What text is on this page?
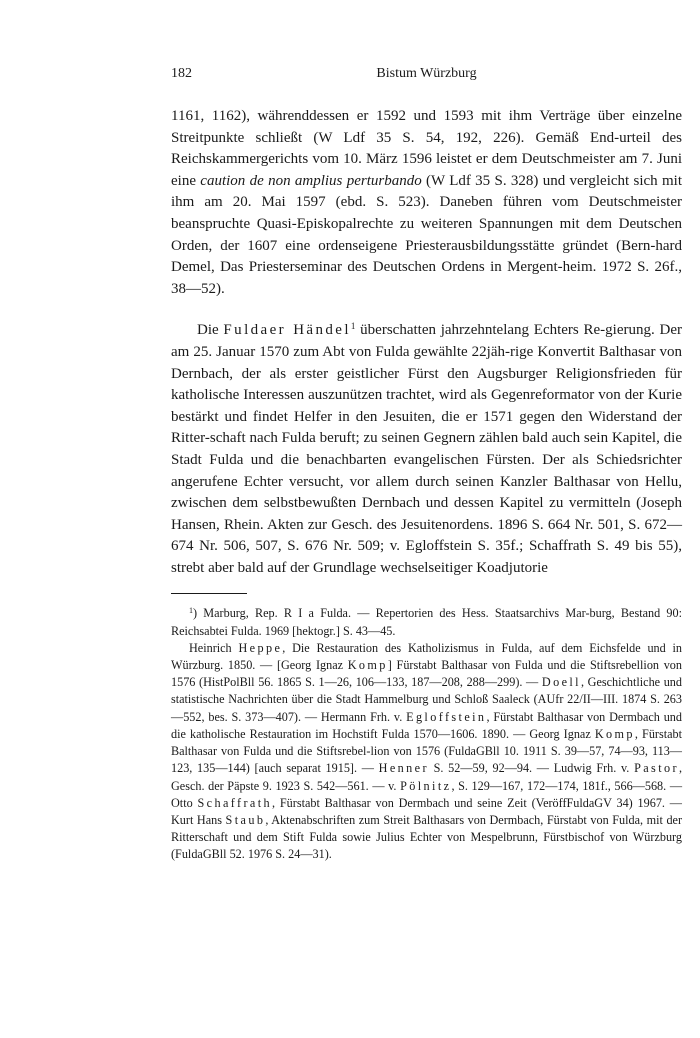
182	Bistum Würzburg

1161, 1162), währenddessen er 1592 und 1593 mit ihm Verträge über einzelne Streitpunkte schließt (W Ldf 35 S. 54, 192, 226). Gemäß End-urteil des Reichskammergerichts vom 10. März 1596 leistet er dem Deutschmeister am 7. Juni eine caution de non amplius perturbando (W Ldf 35 S. 328) und vergleicht sich mit ihm am 20. Mai 1597 (ebd. S. 523). Daneben führen vom Deutschmeister beanspruchte Quasi-Episkopalrechte zu weiteren Spannungen mit dem Deutschen Orden, der 1607 eine ordenseigene Priesterausbildungsstätte gründet (Bern-hard Demel, Das Priesterseminar des Deutschen Ordens in Mergent-heim. 1972 S. 26f., 38—52).

Die Fuldaer Händel$^1$ überschatten jahrzehntelang Echters Re-gierung. Der am 25. Januar 1570 zum Abt von Fulda gewählte 22jäh-rige Konvertit Balthasar von Dernbach, der als erster geistlicher Fürst den Augsburger Religionsfrieden für katholische Interessen auszunützen trachtet, wird als Gegenreformator von der Kurie bestärkt und findet Helfer in den Jesuiten, die er 1571 gegen den Widerstand der Ritter-schaft nach Fulda beruft; zu seinen Gegnern zählen bald auch sein Kapitel, die Stadt Fulda und die benachbarten evangelischen Fürsten. Der als Schiedsrichter angerufene Echter versucht, vor allem durch seinen Kanzler Balthasar von Hellu, zwischen dem selbstbewußten Dernbach und dessen Kapitel zu vermitteln (Joseph Hansen, Rhein. Akten zur Gesch. des Jesuitenordens. 1896 S. 664 Nr. 501, S. 672—674 Nr. 506, 507, S. 676 Nr. 509; v. Egloffstein S. 35f.; Schaffrath S. 49 bis 55), strebt aber bald auf der Grundlage wechselseitiger Koadjutorie

$^1$) Marburg, Rep. R I a Fulda. — Repertorien des Hess. Staatsarchivs Mar-burg, Bestand 90: Reichsabtei Fulda. 1969 [hektogr.] S. 43—45.

Heinrich Heppe, Die Restauration des Katholizismus in Fulda, auf dem Eichsfelde und in Würzburg. 1850. — [Georg Ignaz Komp] Fürstabt Balthasar von Fulda und die Stiftsrebellion von 1576 (HistPolBll 56. 1865 S. 1—26, 106—133, 187—208, 288—299). — Doell, Geschichtliche und statistische Nachrichten über die Stadt Hammelburg und Schloß Saaleck (AUfr 22/II—III. 1874 S. 263—552, bes. S. 373—407). — Hermann Frh. v. Egloffstein, Fürstabt Balthasar von Dermbach und die katholische Restauration im Hochstift Fulda 1570—1606. 1890. — Georg Ignaz Komp, Fürstabt Balthasar von Fulda und die Stiftsrebel-lion von 1576 (FuldaGBll 10. 1911 S. 39—57, 74—93, 113—123, 135—144) [auch separat 1915]. — Henner S. 52—59, 92—94. — Ludwig Frh. v. Pastor, Gesch. der Päpste 9. 1923 S. 542—561. — v. Pölnitz, S. 129—167, 172—174, 181f., 566—568. — Otto Schaffrath, Fürstabt Balthasar von Dermbach und seine Zeit (VeröffFuldaGV 34) 1967. — Kurt Hans Staub, Aktenabschriften zum Streit Balthasars von Dermbach, Fürstabt von Fulda, mit der Ritterschaft und dem Stift Fulda sowie Julius Echter von Mespelbrunn, Fürstbischof von Würzburg (FuldaGBll 52. 1976 S. 24—31).
